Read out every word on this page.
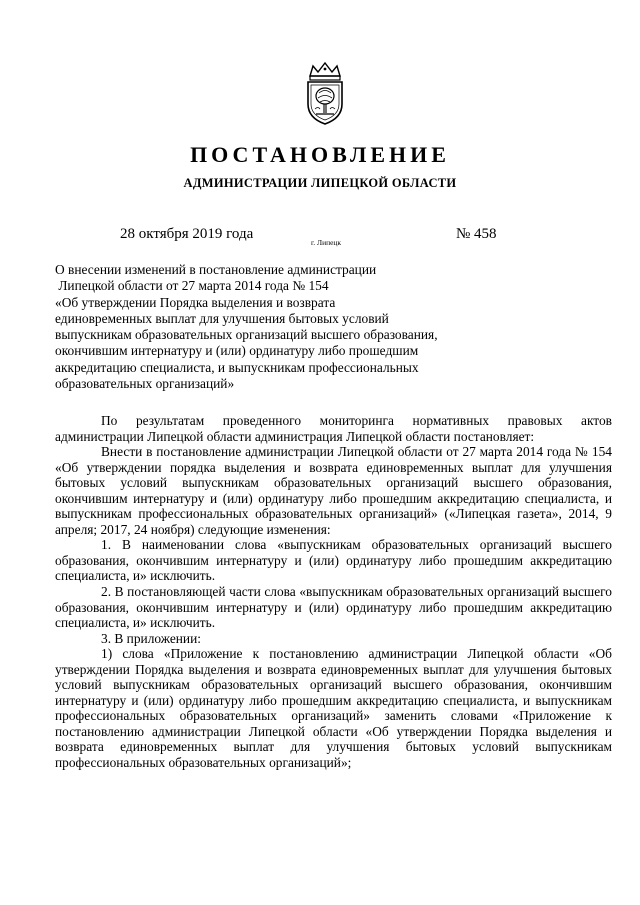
ПОСТАНОВЛЕНИЕ
АДМИНИСТРАЦИИ ЛИПЕЦКОЙ ОБЛАСТИ
28 октября 2019 года
г. Липецк
№ 458
О внесении изменений в постановление администрации
Липецкой области от 27 марта 2014 года № 154
«Об утверждении Порядка выделения и возврата
единовременных выплат для улучшения бытовых условий
выпускникам образовательных организаций высшего образования,
окончившим интернатуру и (или) ординатуру либо прошедшим
аккредитацию специалиста, и выпускникам профессиональных
образовательных организаций»

По результатам проведенного мониторинга нормативных правовых актов администрации Липецкой области администрация Липецкой области постановляет:

Внести в постановление администрации Липецкой области от 27 марта 2014 года № 154 «Об утверждении порядка выделения и возврата единовременных выплат для улучшения бытовых условий выпускникам образовательных организаций высшего образования, окончившим интернатуру и (или) ординатуру либо прошедшим аккредитацию специалиста, и выпускникам профессиональных образовательных организаций» («Липецкая газета», 2014, 9 апреля; 2017, 24 ноября) следующие изменения:

1. В наименовании слова «выпускникам образовательных организаций высшего образования, окончившим интернатуру и (или) ординатуру либо прошедшим аккредитацию специалиста, и» исключить.

2. В постановляющей части слова «выпускникам образовательных организаций высшего образования, окончившим интернатуру и (или) ординатуру либо прошедшим аккредитацию специалиста, и» исключить.

3. В приложении:

1) слова «Приложение к постановлению администрации Липецкой области «Об утверждении Порядка выделения и возврата единовременных выплат для улучшения бытовых условий выпускникам образовательных организаций высшего образования, окончившим интернатуру и (или) ординатуру либо прошедшим аккредитацию специалиста, и выпускникам профессиональных образовательных организаций» заменить словами «Приложение к постановлению администрации Липецкой области «Об утверждении Порядка выделения и возврата единовременных выплат для улучшения бытовых условий выпускникам профессиональных образовательных организаций»;
